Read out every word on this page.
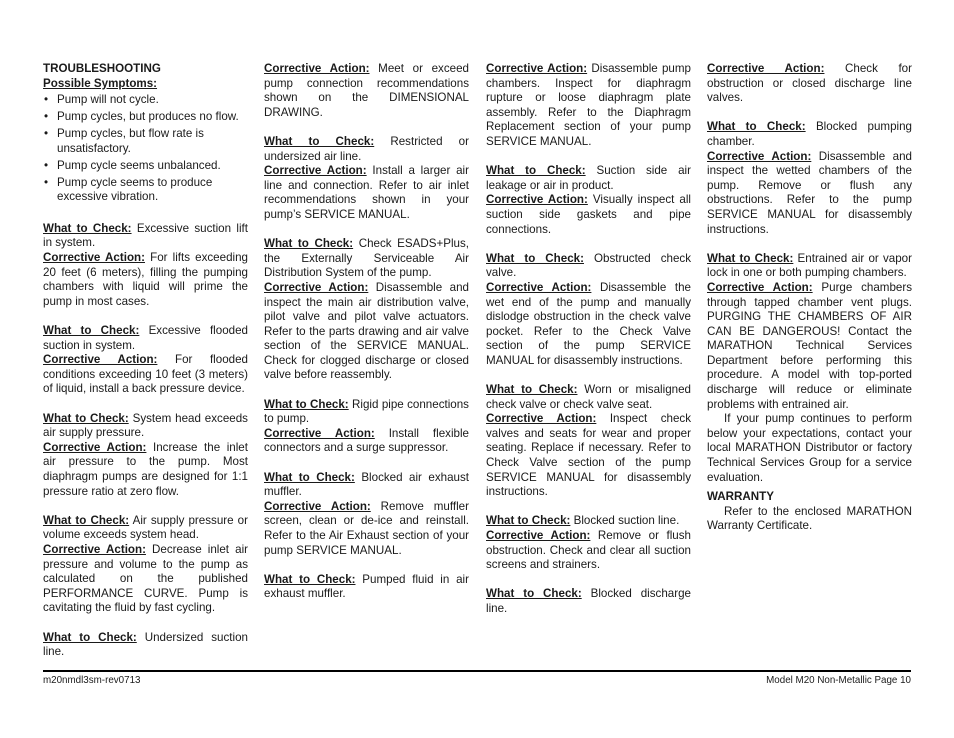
TROUBLESHOOTING

Possible Symptoms:

• Pump will not cycle.
• Pump cycles, but produces no flow.
• Pump cycles, but flow rate is unsatisfactory.
• Pump cycle seems unbalanced.
• Pump cycle seems to produce excessive vibration.

What to Check: Excessive suction lift in system.

Corrective Action: For lifts exceeding 20 feet (6 meters), filling the pumping chambers with liquid will prime the pump in most cases.

What to Check: Excessive flooded suction in system.

Corrective Action: For flooded conditions exceeding 10 feet (3 meters) of liquid, install a back pressure device.

What to Check: System head exceeds air supply pressure.

Corrective Action: Increase the inlet air pressure to the pump. Most diaphragm pumps are designed for 1:1 pressure ratio at zero flow.

What to Check: Air supply pressure or volume exceeds system head.

Corrective Action: Decrease inlet air pressure and volume to the pump as calculated on the published PERFORMANCE CURVE. Pump is cavitating the fluid by fast cycling.

What to Check: Undersized suction line.

Corrective Action: Meet or exceed pump connection recommendations shown on the DIMENSIONAL DRAWING.

What to Check: Restricted or undersized air line.

Corrective Action: Install a larger air line and connection. Refer to air inlet recommendations shown in your pump’s SERVICE MANUAL.

What to Check: Check ESADS+Plus, the Externally Serviceable Air Distribution System of the pump.

Corrective Action: Disassemble and inspect the main air distribution valve, pilot valve and pilot valve actuators. Refer to the parts drawing and air valve section of the SERVICE MANUAL. Check for clogged discharge or closed valve before reassembly.

What to Check: Rigid pipe connections to pump.

Corrective Action: Install flexible connectors and a surge suppressor.

What to Check: Blocked air exhaust muffler.

Corrective Action: Remove muffler screen, clean or de-ice and reinstall. Refer to the Air Exhaust section of your pump SERVICE MANUAL.

What to Check: Pumped fluid in air exhaust muffler.

Corrective Action: Disassemble pump chambers. Inspect for diaphragm rupture or loose diaphragm plate assembly. Refer to the Diaphragm Replacement section of your pump SERVICE MANUAL.

What to Check: Suction side air leakage or air in product.

Corrective Action: Visually inspect all suction side gaskets and pipe connections.

What to Check: Obstructed check valve.

Corrective Action: Disassemble the wet end of the pump and manually dislodge obstruction in the check valve pocket. Refer to the Check Valve section of the pump SERVICE MANUAL for disassembly instructions.

What to Check: Worn or misaligned check valve or check valve seat.

Corrective Action: Inspect check valves and seats for wear and proper seating. Replace if necessary. Refer to Check Valve section of the pump SERVICE MANUAL for disassembly instructions.

What to Check: Blocked suction line.

Corrective Action: Remove or flush obstruction. Check and clear all suction screens and strainers.

What to Check: Blocked discharge line.

Corrective Action: Check for obstruction or closed discharge line valves.

What to Check: Blocked pumping chamber.

Corrective Action: Disassemble and inspect the wetted chambers of the pump. Remove or flush any obstructions. Refer to the pump SERVICE MANUAL for disassembly instructions.

What to Check: Entrained air or vapor lock in one or both pumping chambers.

Corrective Action: Purge chambers through tapped chamber vent plugs. PURGING THE CHAMBERS OF AIR CAN BE DANGEROUS! Contact the MARATHON Technical Services Department before performing this procedure. A model with top-ported discharge will reduce or eliminate problems with entrained air.

If your pump continues to perform below your expectations, contact your local MARATHON Distributor or factory Technical Services Group for a service evaluation.

WARRANTY

Refer to the enclosed MARATHON Warranty Certificate.

m20nmdl3sm-rev0713	Model M20 Non-Metallic Page 10
